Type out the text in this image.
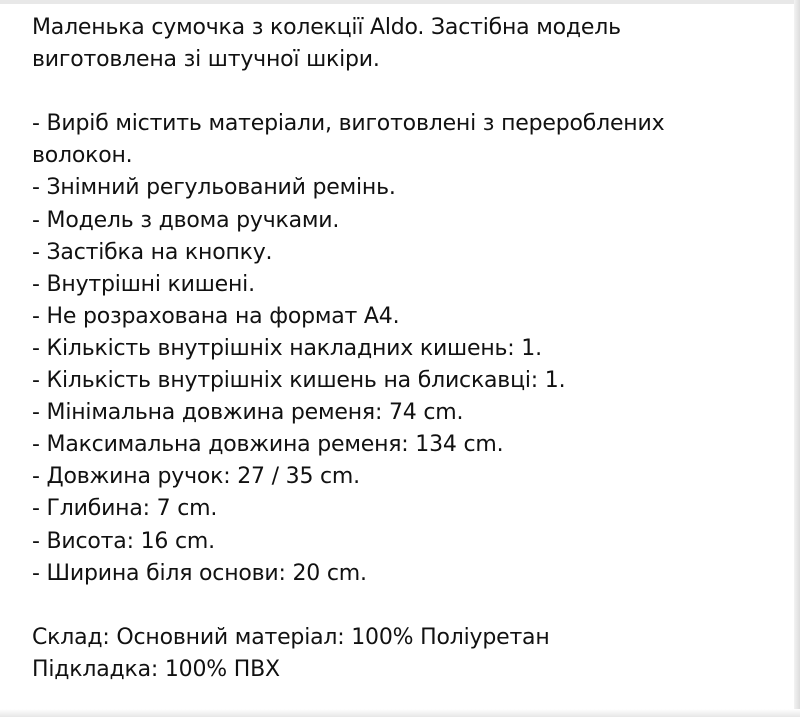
Маленька сумочка з колекції Aldo. Застібна модель
виготовлена зі штучної шкіри.
- Виріб містить матеріали, виготовлені з перероблених
волокон.
- Знімний регульований ремінь.
- Модель з двома ручками.
- Застібка на кнопку.
- Внутрішні кишені.
- Не розрахована на формат А4.
- Кількість внутрішніх накладних кишень: 1.
- Кількість внутрішніх кишень на блискавці: 1.
- Мінімальна довжина ременя: 74 cm.
- Максимальна довжина ременя: 134 cm.
- Довжина ручок: 27 / 35 cm.
- Глибина: 7 cm.
- Висота: 16 cm.
- Ширина біля основи: 20 cm.
Склад: Основний матеріал: 100% Поліуретан
Підкладка: 100% ПВХ
